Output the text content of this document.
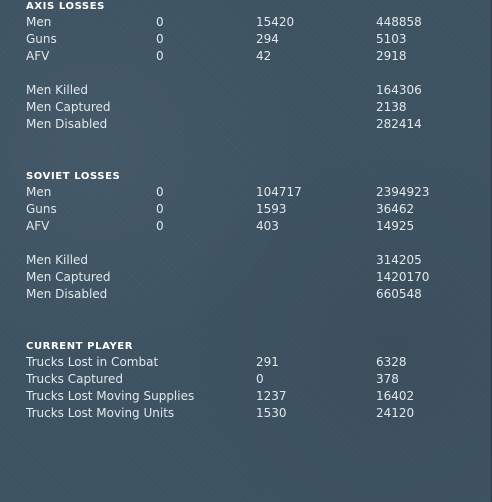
AXIS LOSSES
Men	0	15420	448858
Guns	0	294	5103
AFV	0	42	2918
Men Killed	164306
Men Captured	2138
Men Disabled	282414
SOVIET LOSSES
Men	0	104717	2394923
Guns	0	1593	36462
AFV	0	403	14925
Men Killed	314205
Men Captured	1420170
Men Disabled	660548
CURRENT PLAYER
Trucks Lost in Combat	291	6328
Trucks Captured	0	378
Trucks Lost Moving Supplies	1237	16402
Trucks Lost Moving Units	1530	24120
